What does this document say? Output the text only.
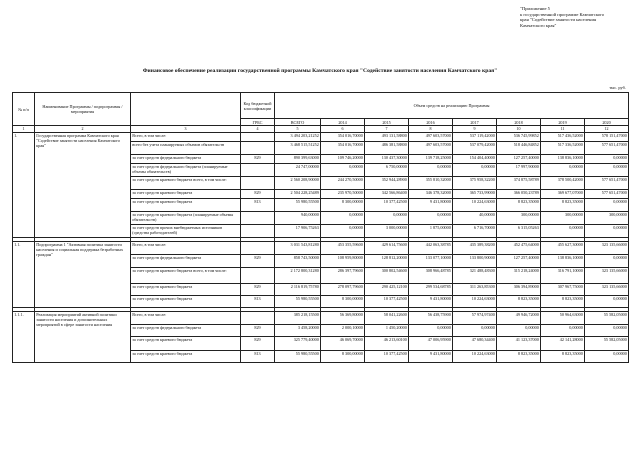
"Приложение 5
к государственной программе Камчатского
края "Содействие занятости населения
Камчатского края"
Финансовое обеспечение реализации государственной программы Камчатского края "Содействие занятости населения Камчатского края"
тыс. руб.
№ п/п	Наименование Программы / подпрограммы / мероприятия		Код бюджетной классификации	Объем средств на реализацию Программы							
			ГРБС	ВСЕГО	2014	2015	2016	2017	2018	2019	2020
1	2	3	4	5	6	7	8	9	10	11	12
1.	Государственная программа Камчатского края "Содействие занятости населения Камчатского края"	Всего, в том числе:		3 494 203,21252	354 016,70000	493 131,58800	497 603,57000	537 119,42000	536 745,99852	517 436,52000	578 151,47000
		всего без учета планируемых объемов обязательств		3 468 515,51252	354 016,70000	486 381,58800	497 603,57000	537 079,42000	518 446,84852	517 336,52000	577 651,47000
		за счет средств федерального бюджета	829	890 399,63000	109 746,20000	130 437,30000	139 718,25000	154 404,40000	127 257,40000	138 836,10000	0,00000
		за счет средств федерального бюджета (планируемые объемы обязательств)		24 747,00000	0,00000	6 750,00000	0,00000	0,00000	17 997,90000	0,00000	0,00000
		за счет средств краевого бюджета всего, в том числе:		2 560 208,90000	244 270,50000	352 944,28900	355 810,32000	375 958,32200	374 875,58789	378 500,42000	577 651,47000
		за счет средств краевого бюджета	829	2 504 228,25489	235 970,50000	342 566,86400	346 378,32000	365 733,99000	366 050,23789	369 677,07000	577 651,47000
		за счет средств краевого бюджета	813	55 980,55500	8 300,00000	10 377,42500	9 431,80000	10 224,63000	8 823,35000	8 823,35000	0,00000
		за счет средств краевого бюджета (планируемые объемы обязательств)		940,00000	0,00000	0,00000	0,00000	40,00000	300,00000	300,00000	300,00000
		за счет средств прочих внебюджетных источников (средства работодателей)		17 906,75263	0,00000	3 000,00000	1 875,00000	6 716,70000	6 315,05263	0,00000	0,00000

1.1.	Подпрограмма 1 "Активная политика занятости населения и социальная поддержка безработных граждан"	Всего, в том числе:		3 031 543,81280	453 355,59600	429 614,75600	442 063,38785	435 389,38200	452 475,64000	455 627,30000	323 135,66000
		за счет средств федерального бюджета	829	858 743,50000	108 959,80000	128 812,20000	133 077,10000	133 800,90000	127 257,40000	138 836,10000	0,00000
		за счет средств краевого бюджета всего, в том числе:		2 172 800,31280	286 397,79600	300 802,54600	308 966,48785	321 488,48300	315 218,24000	316 791,10000	323 135,66000
		за счет средств краевого бюджета	829	2 116 819,75780	278 097,79600	290 425,12100	299 534,68785	311 263,85300	306 394,89000	307 967,75000	323 135,66000
		за счет средств краевого бюджета	813	55 980,55500	8 300,00000	10 377,42500	9 431,80000	10 224,63000	8 823,35000	8 823,35000	0,00000

1.1.1.	Реализация мероприятий активной политики занятости населения и дополнительных мероприятий в сфере занятости населения	Всего, в том числе:		385 218,15500	56 369,80000	58 041,22600	56 438,75900	57 974,97400	49 946,72000	50 964,63000	55 582,05000
		за счет средств федерального бюджета	829	3 458,20000	2 000,10000	1 450,20000	0,00000	0,00000	0,00000	0,00000	0,00000
		за счет средств краевого бюджета	829	325 779,40000	46 069,70000	46 213,60100	47 006,95900	47 680,34400	41 123,37000	42 141,28000	55 582,05000
		за счет средств краевого бюджета	813	55 980,55500	8 300,00000	10 377,42500	9 431,80000	10 224,63000	8 823,35000	8 823,35000	0,00000
